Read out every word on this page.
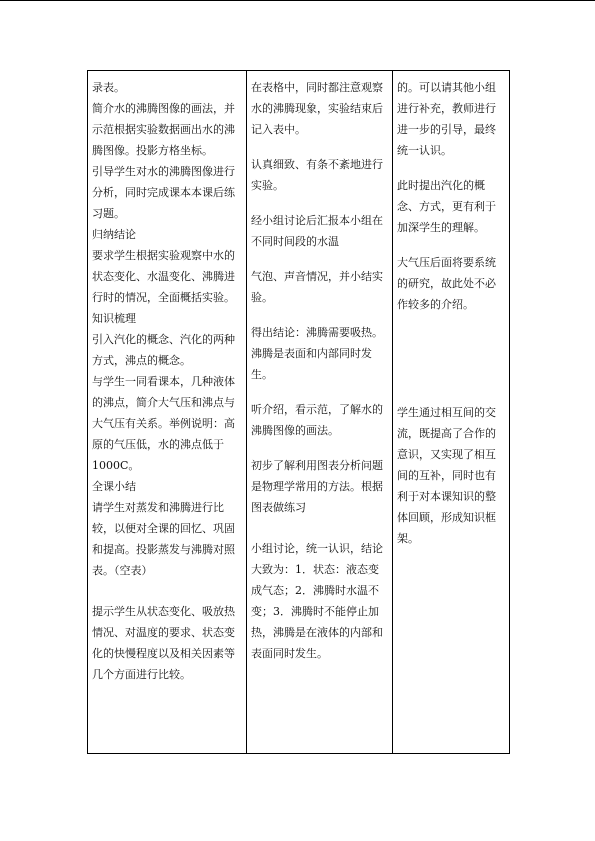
录表。
简介水的沸腾图像的画法，并示范根据实验数据画出水的沸腾图像。投影方格坐标。
引导学生对水的沸腾图像进行分析，同时完成课本本课后练习题。
归纳结论
要求学生根据实验观察中水的状态变化、水温变化、沸腾进行时的情况，全面概括实验。
知识梳理
引入汽化的概念、汽化的两种方式，沸点的概念。
与学生一同看课本，几种液体的沸点，简介大气压和沸点与大气压有关系。举例说明：高原的气压低，水的沸点低于1000C。
全课小结
请学生对蒸发和沸腾进行比较，以便对全课的回忆、巩固和提高。投影蒸发与沸腾对照表。（空表）
提示学生从状态变化、吸放热情况、对温度的要求、状态变化的快慢程度以及相关因素等几个方面进行比较。

在表格中，同时都注意观察水的沸腾现象，实验结束后记入表中。
认真细致、有条不紊地进行实验。
经小组讨论后汇报本小组在不同时间段的水温
气泡、声音情况，并小结实验。
得出结论：沸腾需要吸热。沸腾是表面和内部同时发生。
听介绍，看示范，了解水的沸腾图像的画法。
初步了解利用图表分析问题是物理学常用的方法。根据图表做练习
小组讨论，统一认识，结论大致为：1．状态：液态变成气态；2．沸腾时水温不变；3．沸腾时不能停止加热，沸腾是在液体的内部和表面同时发生。

的。可以请其他小组进行补充，教师进行进一步的引导，最终统一认识。
此时提出汽化的概念、方式，更有利于加深学生的理解。
大气压后面将要系统的研究，故此处不必作较多的介绍。
学生通过相互间的交流，既提高了合作的意识，又实现了相互间的互补，同时也有利于对本课知识的整体回顾，形成知识框架。
